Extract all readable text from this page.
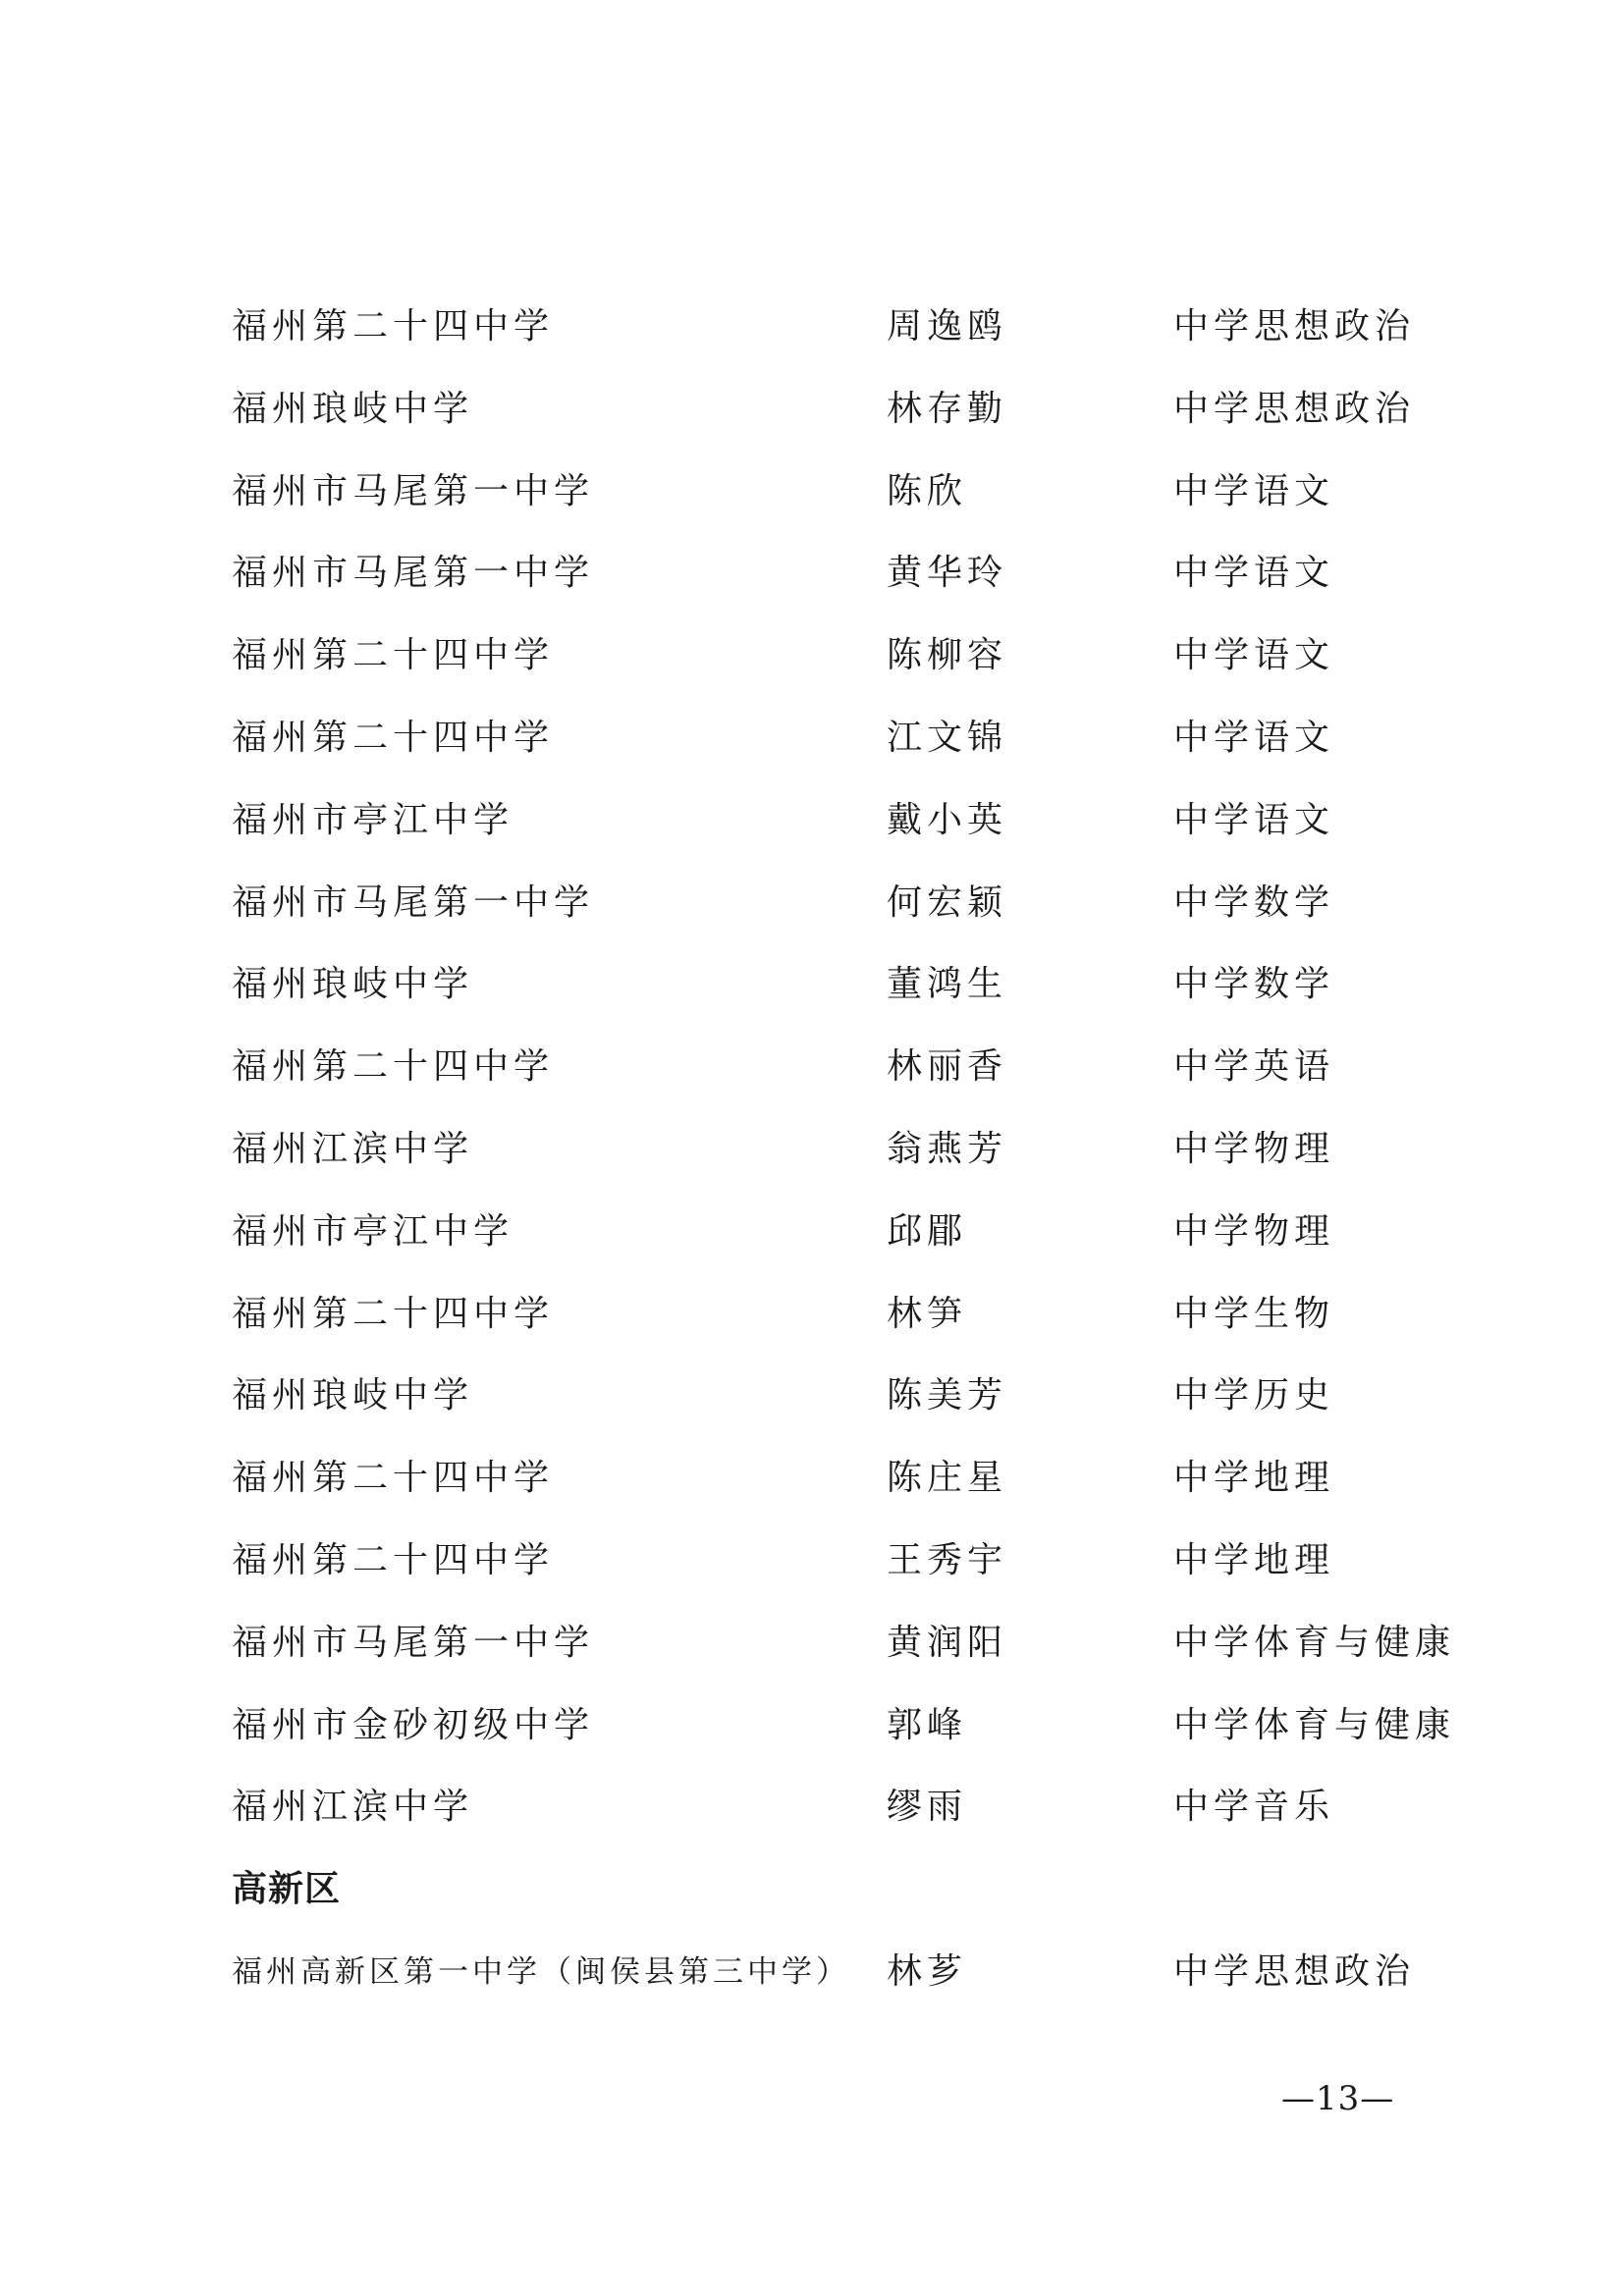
福州第二十四中学	周逸鸥	中学思想政治
福州琅岐中学	林存勤	中学思想政治
福州市马尾第一中学	陈欣	中学语文
福州市马尾第一中学	黄华玲	中学语文
福州第二十四中学	陈柳容	中学语文
福州第二十四中学	江文锦	中学语文
福州市亭江中学	戴小英	中学语文
福州市马尾第一中学	何宏颖	中学数学
福州琅岐中学	董鸿生	中学数学
福州第二十四中学	林丽香	中学英语
福州江滨中学	翁燕芳	中学物理
福州市亭江中学	邱郿	中学物理
福州第二十四中学	林笋	中学生物
福州琅岐中学	陈美芳	中学历史
福州第二十四中学	陈庄星	中学地理
福州第二十四中学	王秀宇	中学地理
福州市马尾第一中学	黄润阳	中学体育与健康
福州市金砂初级中学	郭峰	中学体育与健康
福州江滨中学	缪雨	中学音乐
高新区
福州高新区第一中学（闽侯县第三中学） 林芗	中学思想政治
—13—
